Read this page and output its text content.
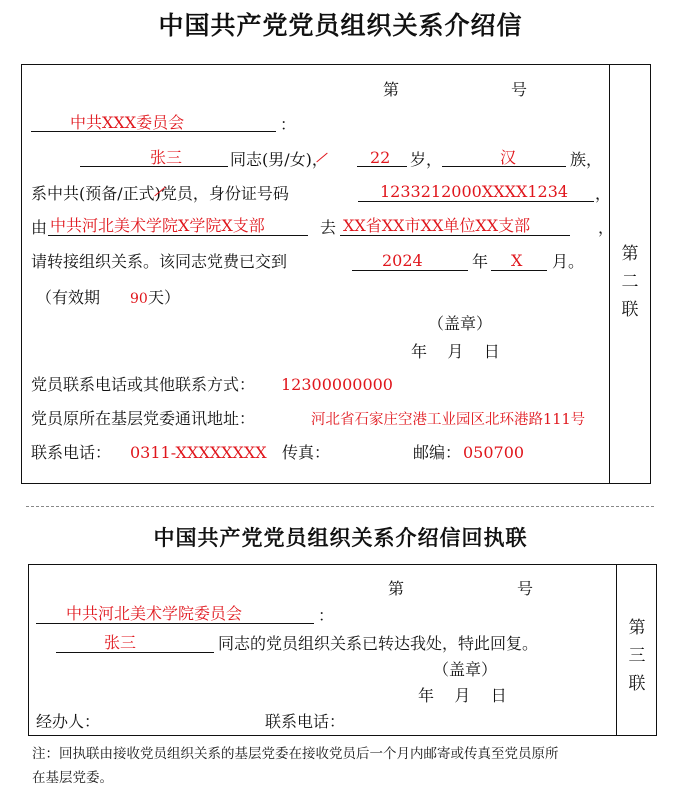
中国共产党党员组织关系介绍信
第二联
第	号
中共XXX委员会	：
张三	同志(男/女)，	22 岁，	汉	族，
系中共(预备/正式)党员，身份证号码	1233212000XXXX1234 ，
由 中共河北美术学院X学院X支部	去 XX省XX市XX单位XX支部	，
请转接组织关系。该同志党费已交到	2024	年 X 月。
（有效期 90 天）
（盖章）
年    月    日
党员联系电话或其他联系方式： 12300000000
党员原所在基层党委通讯地址：	河北省石家庄空港工业园区北环港路111号
联系电话： 0311-XXXXXXXX 传真：	邮编： 050700
中国共产党党员组织关系介绍信回执联
第三联
第	号
中共河北美术学院委员会	：
张三	同志的党员组织关系已转达我处，特此回复。
（盖章）
年    月    日
经办人：	联系电话：
注：回执联由接收党员组织关系的基层党委在接收党员后一个月内邮寄或传真至党员原所
在基层党委。
